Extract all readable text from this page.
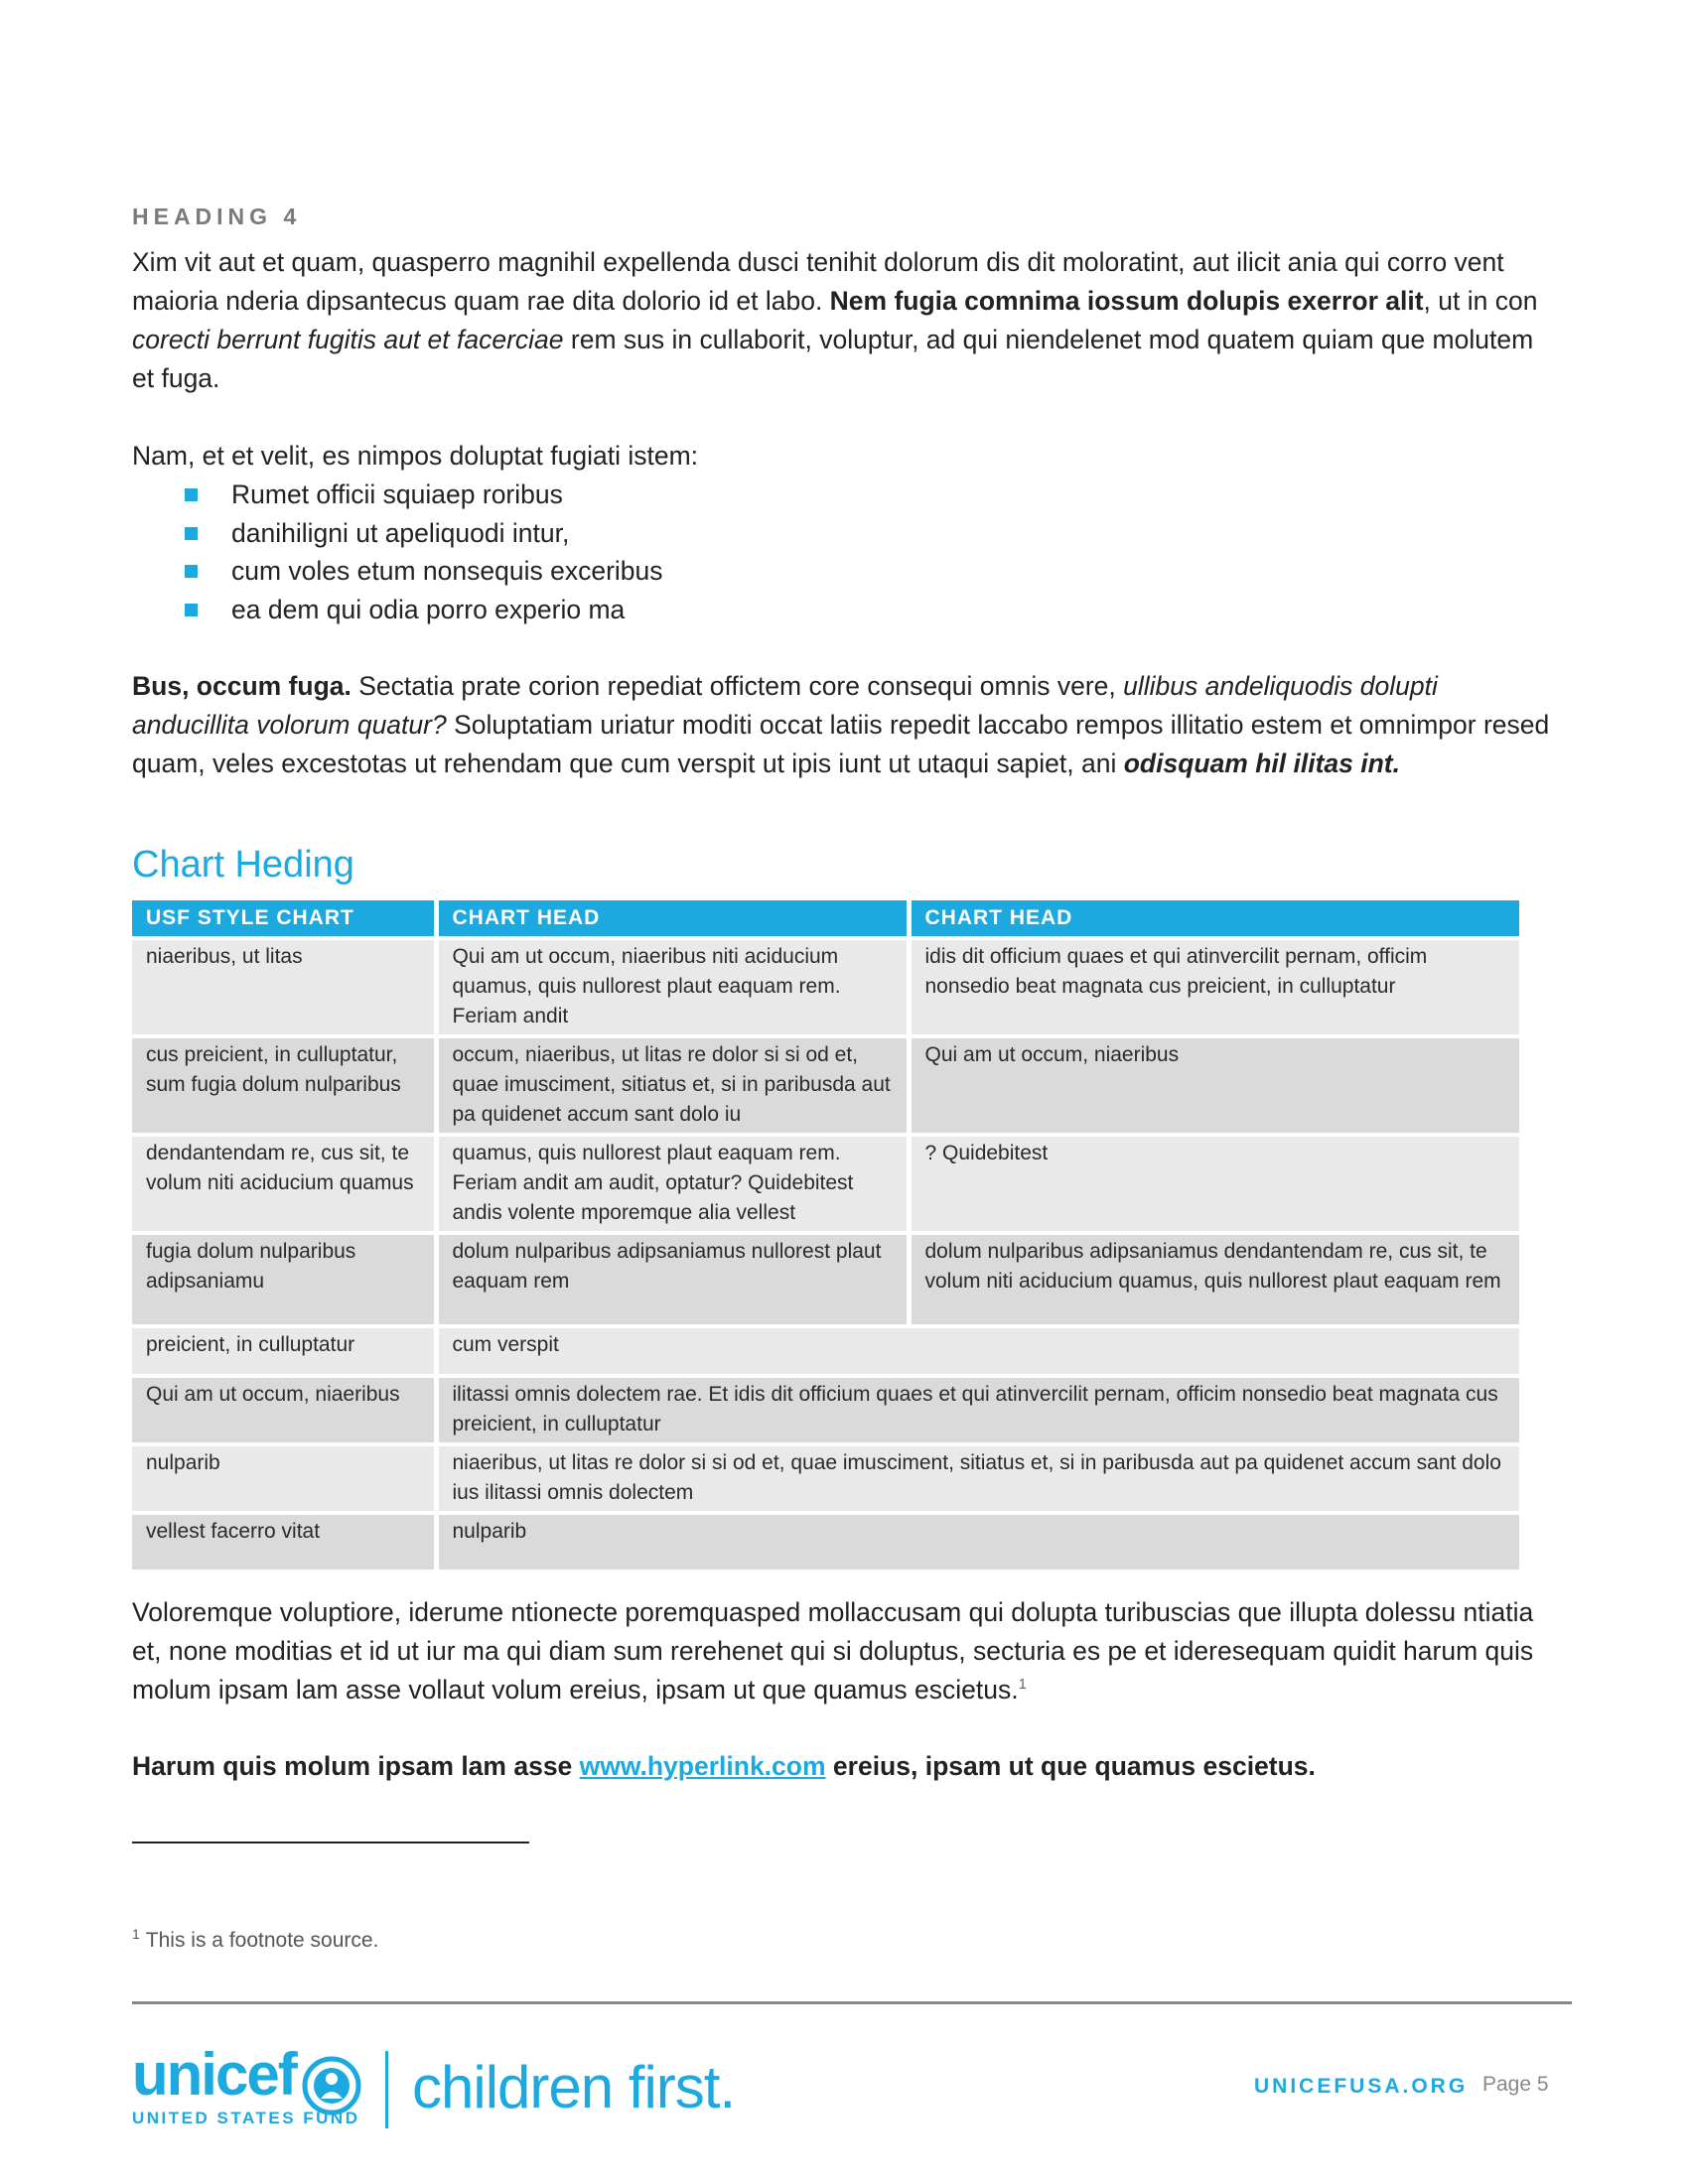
HEADING 4

Xim vit aut et quam, quasperro magnihil expellenda dusci tenihit dolorum dis dit moloratint, aut ilicit ania qui corro vent maioria nderia dipsantecus quam rae dita dolorio id et labo. Nem fugia comnima iossum dolupis exerror alit, ut in con corecti berrunt fugitis aut et facerciae rem sus in cullaborit, voluptur, ad qui niendelenet mod quatem quiam que molutem et fuga.

Nam, et et velit, es nimpos doluptat fugiati istem:

Rumet officii squiaep roribus
danihiligni ut apeliquodi intur,
cum voles etum nonsequis exceribus
ea dem qui odia porro experio ma

Bus, occum fuga. Sectatia prate corion repediat offictem core consequi omnis vere, ullibus andeliquodis dolupti anducillita volorum quatur? Soluptatiam uriatur moditi occat latiis repedit laccabo rempos illitatio estem et omnimpor resed quam, veles excestotas ut rehendam que cum verspit ut ipis iunt ut utaqui sapiet, ani odisquam hil ilitas int.

Chart Heding
USF STYLE CHART	CHART HEAD	CHART HEAD
niaeribus, ut litas	Qui am ut occum, niaeribus niti aciducium quamus, quis nullorest plaut eaquam rem. Feriam andit	idis dit officium quaes et qui atinvercilit pernam, officim nonsedio beat magnata cus preicient, in culluptatur
cus preicient, in culluptatur, sum fugia dolum nulparibus	occum, niaeribus, ut litas re dolor si si od et, quae imusciment, sitiatus et, si in paribusda aut pa quidenet accum sant dolo iu	Qui am ut occum, niaeribus
dendantendam re, cus sit, te volum niti aciducium quamus	quamus, quis nullorest plaut eaquam rem. Feriam andit am audit, optatur? Quidebitest andis volente mporemque alia vellest	? Quidebitest
fugia dolum nulparibus adipsaniamu	dolum nulparibus adipsaniamus nullorest plaut eaquam rem	dolum nulparibus adipsaniamus dendantendam re, cus sit, te volum niti aciducium quamus, quis nullorest plaut eaquam rem
preicient, in culluptatur	cum verspit	
Qui am ut occum, niaeribus	ilitassi omnis dolectem rae. Et idis dit officium quaes et qui atinvercilit pernam, officim nonsedio beat magnata cus preicient, in culluptatur	
nulparib	niaeribus, ut litas re dolor si si od et, quae imusciment, sitiatus et, si in paribusda aut pa quidenet accum sant dolo ius ilitassi omnis dolectem	
vellest facerro vitat	nulparib	

Voloremque voluptiore, iderume ntionecte poremquasped mollaccusam qui dolupta turibuscias que illupta dolessu ntiatia et, none moditias et id ut iur ma qui diam sum rerehenet qui si doluptus, secturia es pe et ideresequam quidit harum quis molum ipsam lam asse vollaut volum ereius, ipsam ut que quamus escietus.$^1$

Harum quis molum ipsam lam asse www.hyperlink.com ereius, ipsam ut que quamus escietus.

$^1$ This is a footnote source.
unicef
UNITED STATES FUND children first.	UNICEFUSA.ORG Page 5
